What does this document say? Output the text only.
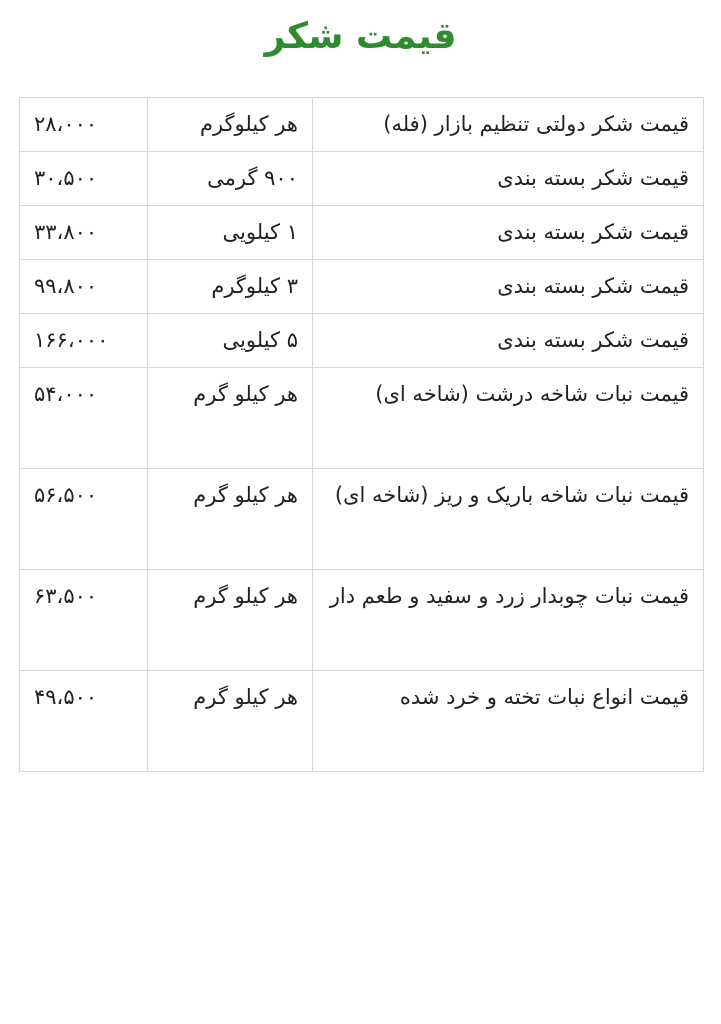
قیمت شکر
قیمت شکر دولتی تنظیم بازار (فله)	هر کیلوگرم	۲۸،۰۰۰
قیمت شکر بسته بندی	۹۰۰ گرمی	۳۰،۵۰۰
قیمت شکر بسته بندی	۱ کیلویی	۳۳،۸۰۰
قیمت شکر بسته بندی	۳ کیلوگرم	۹۹،۸۰۰
قیمت شکر بسته بندی	۵ کیلویی	۱۶۶،۰۰۰
قیمت نبات شاخه درشت (شاخه ای)	هر کیلو گرم	۵۴،۰۰۰
قیمت نبات شاخه باریک و ریز (شاخه ای)	هر کیلو گرم	۵۶،۵۰۰
قیمت نبات چوبدار زرد و سفید و طعم دار	هر کیلو گرم	۶۳،۵۰۰
قیمت انواع نبات تخته و خرد شده	هر کیلو گرم	۴۹،۵۰۰
